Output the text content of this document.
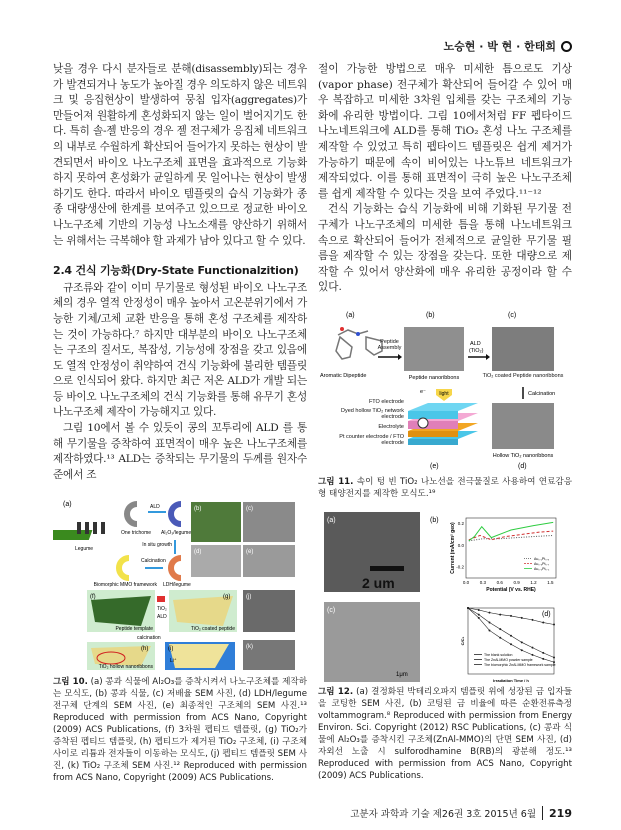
노승현 · 박 현 · 한태희

낮을 경우 다시 분자들로 분해(disassembly)되는 경우가 발견되거나 농도가 높아질 경우 의도하지 않은 네트워크 및 응집현상이 발생하여 뭉침 입자(aggregates)가 만들어져 원활하게 혼성화되지 않는 일이 벌어지기도 한다. 특히 솔-젤 반응의 경우 젤 전구체가 응집체 네트워크의 내부로 수월하게 확산되어 들어가지 못하는 현상이 발견되면서 바이오 나노구조체 표면을 효과적으로 기능화하지 못하여 혼성화가 균일하게 못 일어나는 현상이 발생하기도 한다. 따라서 바이오 템플릿의 습식 기능화가 종종 대량생산에 한계를 보여주고 있으므로 정교한 바이오 나노구조체 기반의 기능성 나노소재를 양산하기 위해서는 위해서는 극복해야 할 과제가 남아 있다고 할 수 있다.

2.4 건식 기능화(Dry-State Functionalzition)

규조류와 같이 이미 무기물로 형성된 바이오 나노구조체의 경우 열적 안정성이 매우 높아서 고온분위기에서 가능한 기체/고체 교환 반응을 통해 혼성 구조체를 제작하는 것이 가능하다.⁷ 하지만 대부분의 바이오 나노구조체는 구조의 질서도, 복잡성, 기능성에 장점을 갖고 있음에도 열적 안정성이 취약하여 건식 기능화에 불리한 템플릿으로 인식되어 왔다. 하지만 최근 저온 ALD가 개발 되는 등 바이오 나노구조체의 건식 기능화를 통해 유무기 혼성 나노구조체 제작이 가능해지고 있다.

그림 10에서 볼 수 있듯이 콩의 꼬투리에 ALD 를 통해 무기물을 증착하여 표면적이 매우 높은 나노구조체를 제작하였다.¹³ ALD는 증착되는 무기물의 두께를 원자수준에서 조

절이 가능한 방법으로 매우 미세한 틈으로도 기상(vapor phase) 전구체가 확산되어 들어갈 수 있어 매우 복잡하고 미세한 3차원 입체를 갖는 구조체의 기능화에 유리한 방법이다. 그림 10에서처럼 FF 펩타이드 나노네트워크에 ALD를 통해 TiO₂ 혼성 나노 구조체를 제작할 수 있었고 특히 펩타이드 템플릿은 쉽게 제거가 가능하기 때문에 속이 비어있는 나노튜브 네트워크가 제작되었다. 이를 통해 표면적이 극히 높은 나노구조체를 쉽게 제작할 수 있다는 것을 보여 주었다.¹¹⁻¹²

건식 기능화는 습식 기능화에 비해 기화된 무기물 전구체가 나노구조체의 미세한 틈을 통해 나노네트워크 속으로 확산되어 들어가 전체적으로 균일한 무기물 필름을 제작할 수 있는 장점을 갖는다. 또한 대량으로 제작할 수 있어서 양산화에 매우 유리한 공정이라 할 수 있다.

(a)
Legume
One trichome
ALD
Al₂O₃/legume
In situ growth
LDH/legume
Calcination
Biomorphic MMO framework
(b)	(c)
(d)	(e)
(f)
Peptide template
TiO₂
ALD
(g)
TiO₂ coated peptide
calcination
(h)
TiO₂ hollow nanoribbons
(i)
Li⁺
(j)
(k)
그림 10. (a) 콩과 식물에 Al₂O₃를 증착시켜서 나노구조체를 제작하는 모식도, (b) 콩과 식물, (c) 저배율 SEM 사진, (d) LDH/legume 전구체 단계의 SEM 사진, (e) 최종적인 구조체의 SEM 사진.¹³ Reproduced with permission from ACS Nano, Copyright (2009) ACS Publications, (f) 3차원 펩티드 템플릿, (g) TiO₂가 증착된 펩티드 템플릿, (h) 펩티드가 제거된 TiO₂ 구조체, (i) 구조체 사이로 리튬과 전자들이 이동하는 모식도, (j) 펩티드 템플릿 SEM 사진, (k) TiO₂ 구조체 SEM 사진.¹² Reproduced with permission from ACS Nano, Copyright (2009) ACS Publications.
(a)	(b)	(c)
Aromatic Dipeptide
Peptide Assembly
Peptide nanoribbons
ALD
(TiO₂)
TiO₂ coated Peptide nanoribbons
Calcination
Hollow TiO₂ nanoribbons
(d)
light
e⁻
FTO electrode
Dyed hollow TiO₂ network electrode
Electrolyte
Pt counter electrode / FTO electrode
(e)
그림 11. 속이 텅 빈 TiO₂ 나노선을 전극물질로 사용하여 연료감응형 태양전지를 제작한 모식도.¹⁹
2 um
(a)	(b)
0.0 0.3 0.6 0.9 1.2 1.5
0.2
0.0
-0.2
Potential (V vs. RHE)
Current (mA/cm² geo)	Au₀.₁Pt₀.₉
Au₀.₃Pt₀.₇
Au₀.₅Pt₀.₅
1μm
(c)
Irradiation Time / h
C/C₀
The blank solution
The ZnAl-MMO powder sample
The biomorphic ZnAl-MMO framework sample
(d)
그림 12. (a) 결정화된 박테리오파지 템플릿 위에 성장된 금 입자들을 코팅한 SEM 사진, (b) 코팅된 금 비율에 따른 순환전류측정 voltammogram.⁸ Reproduced with permission from Energy Environ. Sci. Copyright (2012) RSC Publications, (c) 콩과 식물에 Al₂O₃를 증착시킨 구조체(ZnAl-MMO)의 단면 SEM 사진, (d) 자외선 노출 시 sulforodhamine B(RB)의 광분해 정도.¹³ Reproduced with permission from ACS Nano, Copyright (2009) ACS Publications.
고분자 과학과 기술 제26권 3호 2015년 6월 219
